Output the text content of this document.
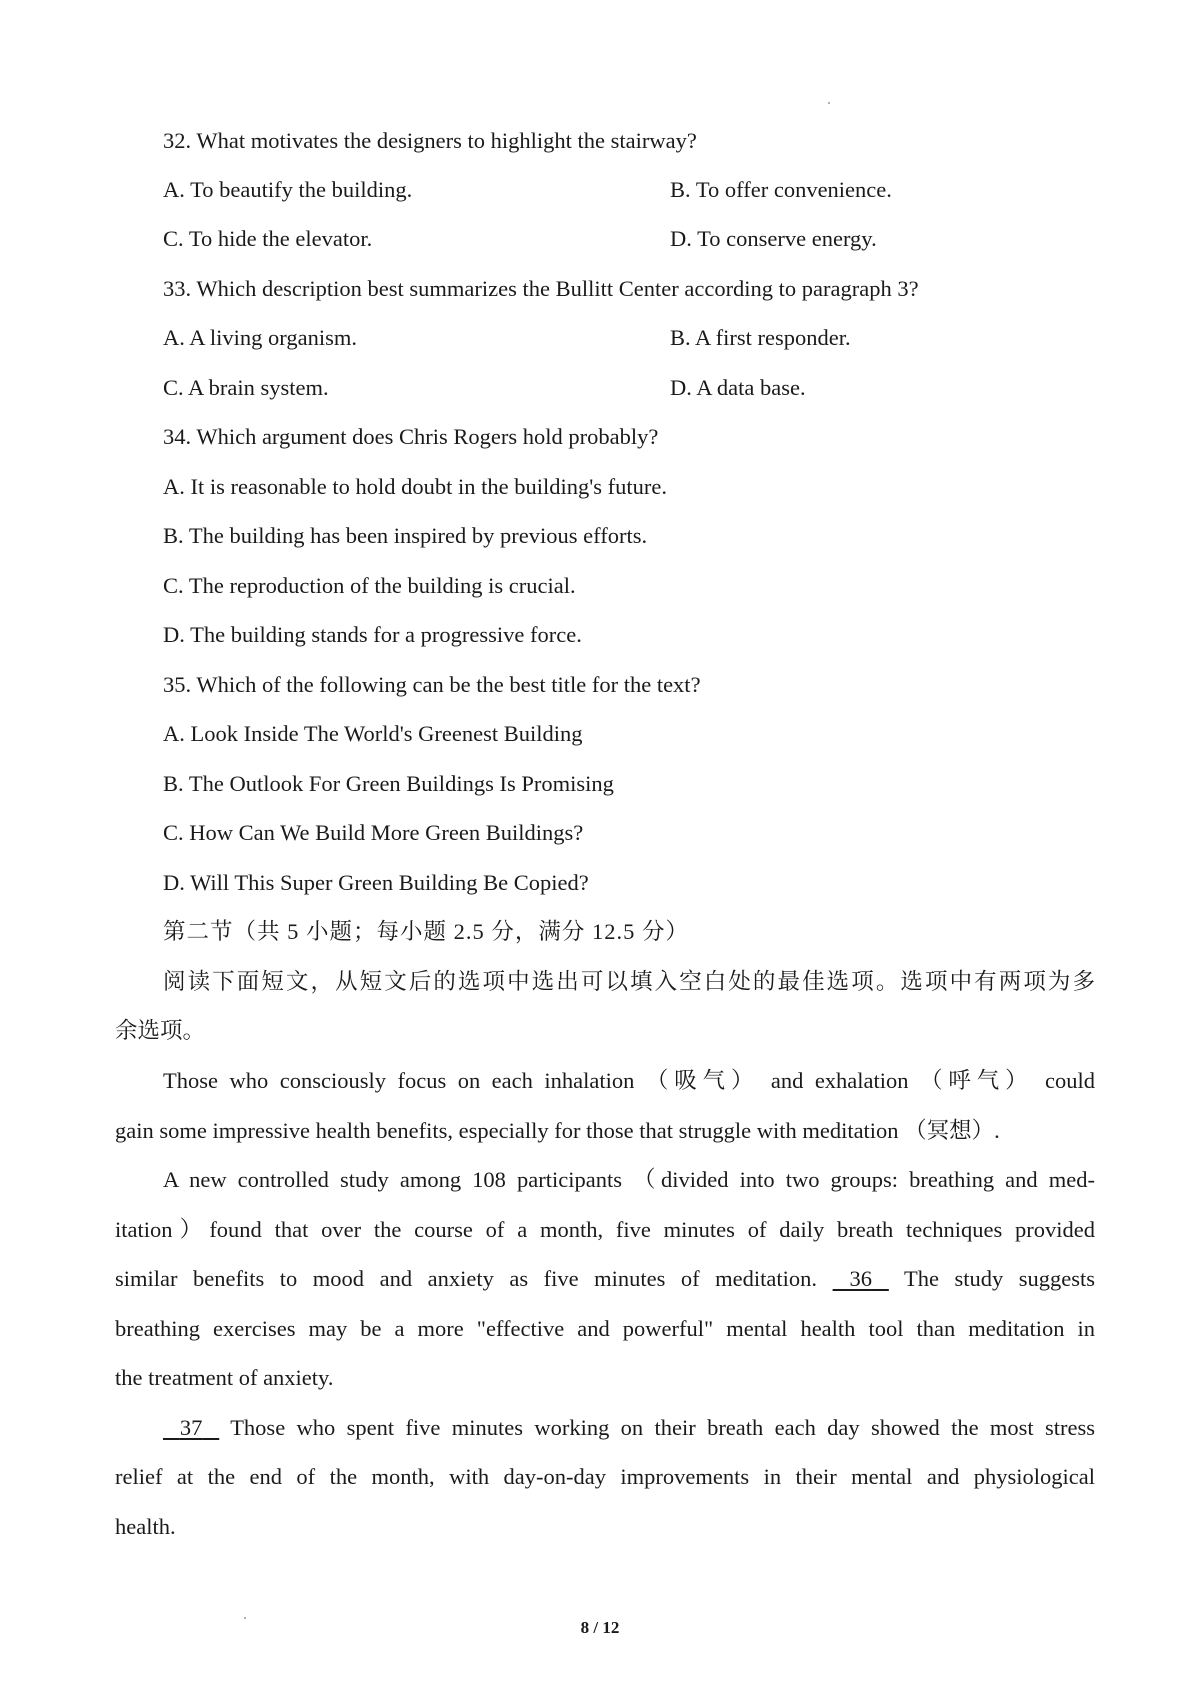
32. What motivates the designers to highlight the stairway?
A. To beautify the building.	B. To offer convenience.
C. To hide the elevator.	D. To conserve energy.
33. Which description best summarizes the Bullitt Center according to paragraph 3?
A. A living organism.	B. A first responder.
C. A brain system.	D. A data base.
34. Which argument does Chris Rogers hold probably?
A. It is reasonable to hold doubt in the building's future.
B. The building has been inspired by previous efforts.
C. The reproduction of the building is crucial.
D. The building stands for a progressive force.
35. Which of the following can be the best title for the text?
A. Look Inside The World's Greenest Building
B. The Outlook For Green Buildings Is Promising
C. How Can We Build More Green Buildings?
D. Will This Super Green Building Be Copied?
第二节（共 5 小题；每小题 2.5 分，满分 12.5 分）
阅读下面短文，从短文后的选项中选出可以填入空白处的最佳选项。选项中有两项为多
余选项。
Those who consciously focus on each inhalation （吸气） and exhalation （呼气） could
gain some impressive health benefits, especially for those that struggle with meditation （冥想）.
A new controlled study among 108 participants （divided into two groups: breathing and med-
itation）found that over the course of a month, five minutes of daily breath techniques provided
similar benefits to mood and anxiety as five minutes of meditation. 36 The study suggests
breathing exercises may be a more "effective and powerful" mental health tool than meditation in
the treatment of anxiety.
37 Those who spent five minutes working on their breath each day showed the most stress
relief at the end of the month, with day-on-day improvements in their mental and physiological
health.
8 / 12
